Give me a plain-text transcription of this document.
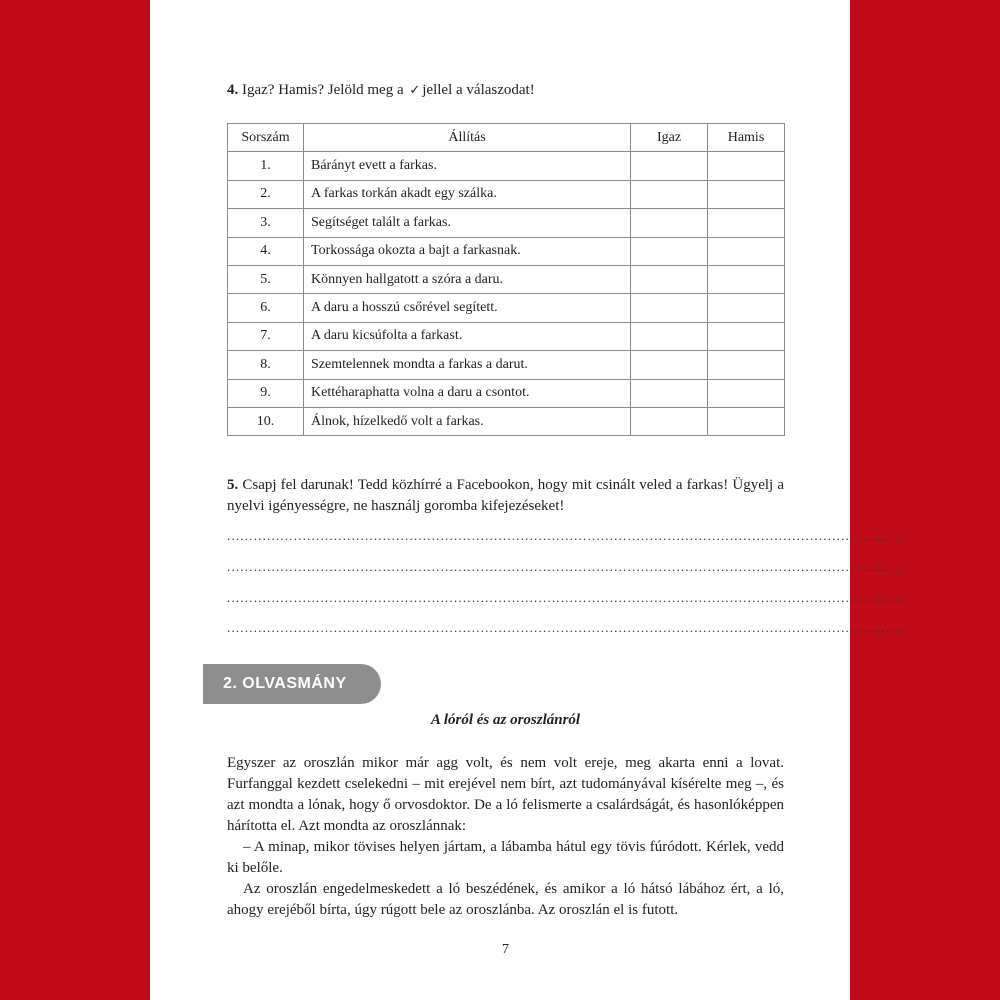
4. Igaz? Hamis? Jelöld meg a ✓ jellel a válaszodat!
Sorszám	Állítás	Igaz	Hamis
1.	Bárányt evett a farkas.		
2.	A farkas torkán akadt egy szálka.		
3.	Segítséget talált a farkas.		
4.	Torkossága okozta a bajt a farkasnak.		
5.	Könnyen hallgatott a szóra a daru.		
6.	A daru a hosszú csőrével segített.		
7.	A daru kicsúfolta a farkast.		
8.	Szemtelennek mondta a farkas a darut.		
9.	Kettéharaphatta volna a daru a csontot.		
10.	Álnok, hízelkedő volt a farkas.		
5. Csapj fel darunak! Tedd közhírré a Facebookon, hogy mit csinált veled a farkas! Ügyelj a nyelvi igényességre, ne használj goromba kifejezéseket!
........................................................................................................................................................
........................................................................................................................................................
........................................................................................................................................................
........................................................................................................................................................
A lóról és az oroszlánról

Egyszer az oroszlán mikor már agg volt, és nem volt ereje, meg akarta enni a lovat. Furfanggal kezdett cselekedni – mit erejével nem bírt, azt tudományával kísérelte meg –, és azt mondta a lónak, hogy ő orvosdoktor. De a ló felismerte a csalárdságát, és hasonlóképpen hárította el. Azt mondta az oroszlánnak:

– A minap, mikor tövises helyen jártam, a lábamba hátul egy tövis fúródott. Kérlek, vedd ki belőle.

Az oroszlán engedelmeskedett a ló beszédének, és amikor a ló hátsó lábához ért, a ló, ahogy erejéből bírta, úgy rúgott bele az oroszlánba. Az oroszlán el is futott.

7
2. OLVASMÁNY
